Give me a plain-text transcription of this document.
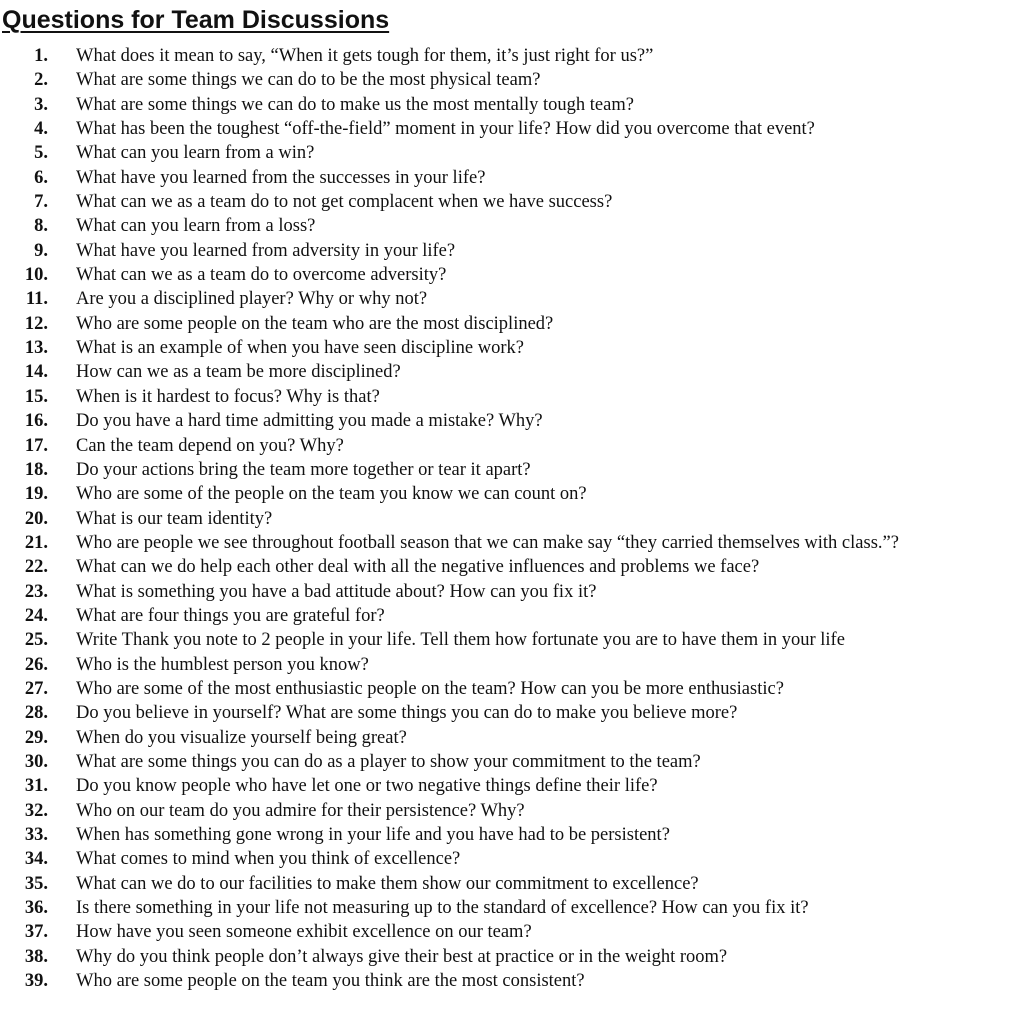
Questions for Team Discussions
1. What does it mean to say, “When it gets tough for them, it’s just right for us?”
2. What are some things we can do to be the most physical team?
3. What are some things we can do to make us the most mentally tough team?
4. What has been the toughest “off-the-field” moment in your life? How did you overcome that event?
5. What can you learn from a win?
6. What have you learned from the successes in your life?
7. What can we as a team do to not get complacent when we have success?
8. What can you learn from a loss?
9. What have you learned from adversity in your life?
10. What can we as a team do to overcome adversity?
11. Are you a disciplined player? Why or why not?
12. Who are some people on the team who are the most disciplined?
13. What is an example of when you have seen discipline work?
14. How can we as a team be more disciplined?
15. When is it hardest to focus? Why is that?
16. Do you have a hard time admitting you made a mistake? Why?
17. Can the team depend on you? Why?
18. Do your actions bring the team more together or tear it apart?
19. Who are some of the people on the team you know we can count on?
20. What is our team identity?
21. Who are people we see throughout football season that we can make say “they carried themselves with class.”?
22. What can we do help each other deal with all the negative influences and problems we face?
23. What is something you have a bad attitude about? How can you fix it?
24. What are four things you are grateful for?
25. Write Thank you note to 2 people in your life. Tell them how fortunate you are to have them in your life
26. Who is the humblest person you know?
27. Who are some of the most enthusiastic people on the team? How can you be more enthusiastic?
28. Do you believe in yourself? What are some things you can do to make you believe more?
29. When do you visualize yourself being great?
30. What are some things you can do as a player to show your commitment to the team?
31. Do you know people who have let one or two negative things define their life?
32. Who on our team do you admire for their persistence? Why?
33. When has something gone wrong in your life and you have had to be persistent?
34. What comes to mind when you think of excellence?
35. What can we do to our facilities to make them show our commitment to excellence?
36. Is there something in your life not measuring up to the standard of excellence? How can you fix it?
37. How have you seen someone exhibit excellence on our team?
38. Why do you think people don’t always give their best at practice or in the weight room?
39. Who are some people on the team you think are the most consistent?
